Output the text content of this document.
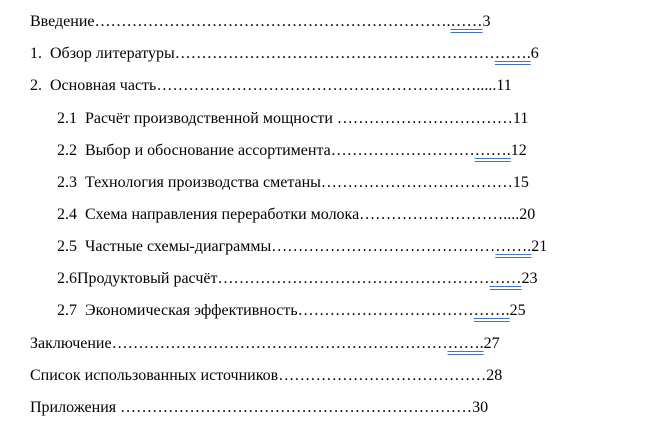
Введение………………………………………………………….……3
1.  Обзор литературы………………………………………………………….6
2.  Основная часть…………………………………………………….....11
2.1  Расчёт производственной мощности ……………………………11
2.2  Выбор и обоснование ассортимента…………………………….12
2.3  Технология производства сметаны………………………………15
2.4  Схема направления переработки молока………………………....20
2.5  Частные схемы-диаграммы………………………………………….21
2.6Продуктовый расчёт…………………………………………………23
2.7  Экономическая эффективность………………………………….25
Заключение…………………………………………………………….27
Список использованных источников…………………………………28
Приложения …………………………………………………………30
